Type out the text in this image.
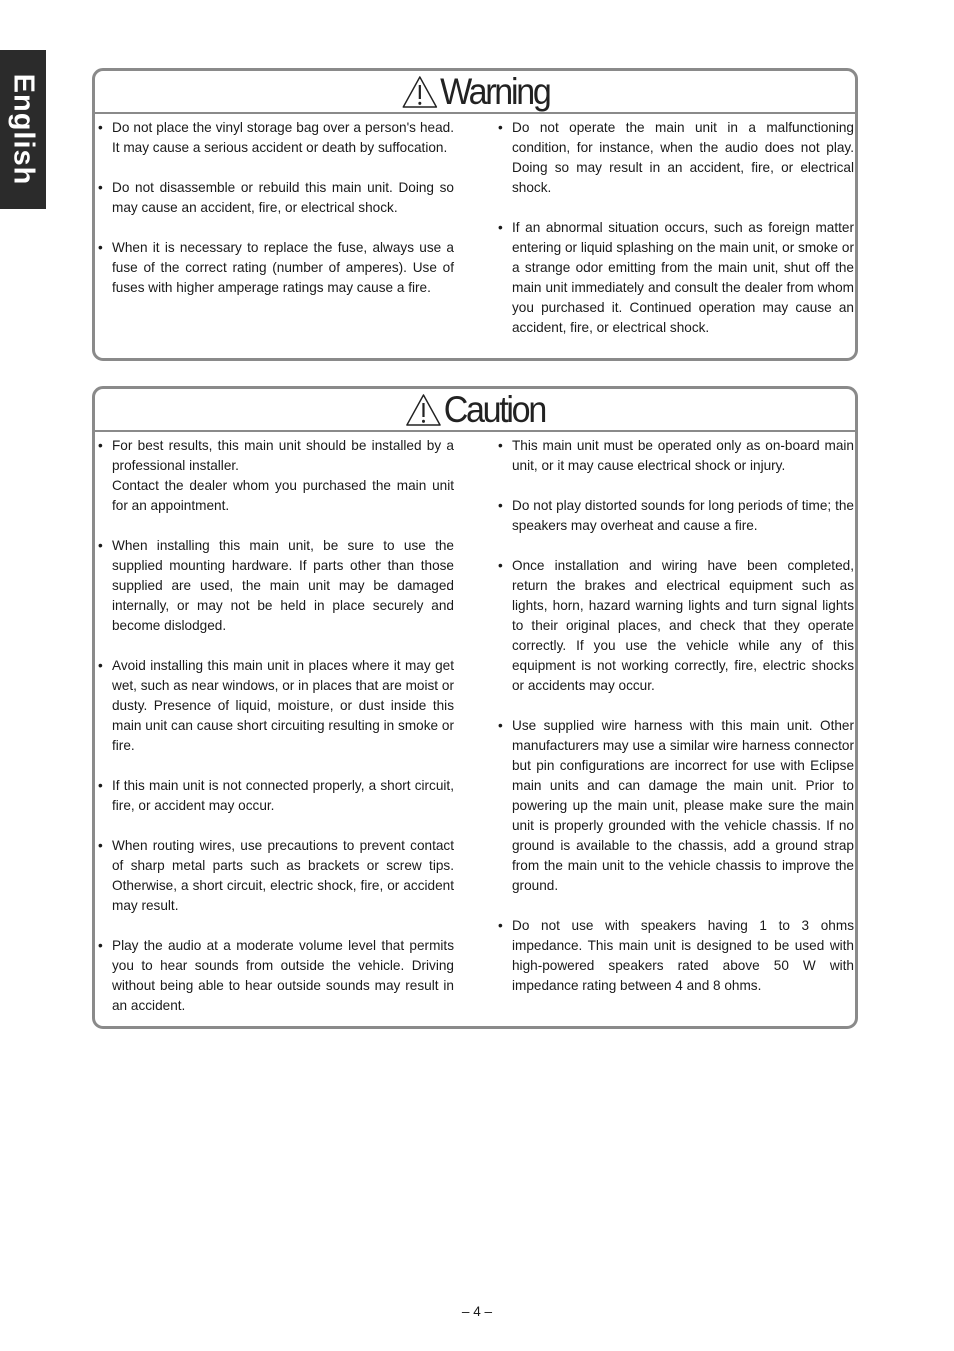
English	Warning
• Do not place the vinyl storage bag over a person's head. It may cause a serious accident or death by suffocation.

• Do not disassemble or rebuild this main unit. Doing so may cause an accident, fire, or electrical shock.

• When it is necessary to replace the fuse, always use a fuse of the correct rating (number of amperes). Use of fuses with higher amperage ratings may cause a fire.

• Do not operate the main unit in a malfunctioning condition, for instance, when the audio does not play. Doing so may result in an accident, fire, or electrical shock.

• If an abnormal situation occurs, such as foreign matter entering or liquid splashing on the main unit, or smoke or a strange odor emitting from the main unit, shut off the main unit immediately and consult the dealer from whom you purchased it. Continued operation may cause an accident, fire, or electrical shock.

Caution
• For best results, this main unit should be installed by a professional installer.

Contact the dealer whom you purchased the main unit for an appointment.

• When installing this main unit, be sure to use the supplied mounting hardware. If parts other than those supplied are used, the main unit may be damaged internally, or may not be held in place securely and become dislodged.

• Avoid installing this main unit in places where it may get wet, such as near windows, or in places that are moist or dusty. Presence of liquid, moisture, or dust inside this main unit can cause short circuiting resulting in smoke or fire.

• If this main unit is not connected properly, a short circuit, fire, or accident may occur.

• When routing wires, use precautions to prevent contact of sharp metal parts such as brackets or screw tips. Otherwise, a short circuit, electric shock, fire, or accident may result.

• Play the audio at a moderate volume level that permits you to hear sounds from outside the vehicle. Driving without being able to hear outside sounds may result in an accident.

• This main unit must be operated only as on-board main unit, or it may cause electrical shock or injury.

• Do not play distorted sounds for long periods of time; the speakers may overheat and cause a fire.

• Once installation and wiring have been completed, return the brakes and electrical equipment such as lights, horn, hazard warning lights and turn signal lights to their original places, and check that they operate correctly. If you use the vehicle while any of this equipment is not working correctly, fire, electric shocks or accidents may occur.

• Use supplied wire harness with this main unit. Other manufacturers may use a similar wire harness connector but pin configurations are incorrect for use with Eclipse main units and can damage the main unit. Prior to powering up the main unit, please make sure the main unit is properly grounded with the vehicle chassis. If no ground is available to the chassis, add a ground strap from the main unit to the vehicle chassis to improve the ground.

• Do not use with speakers having 1 to 3 ohms impedance. This main unit is designed to be used with high-powered speakers rated above 50 W with impedance rating between 4 and 8 ohms.

– 4 –
